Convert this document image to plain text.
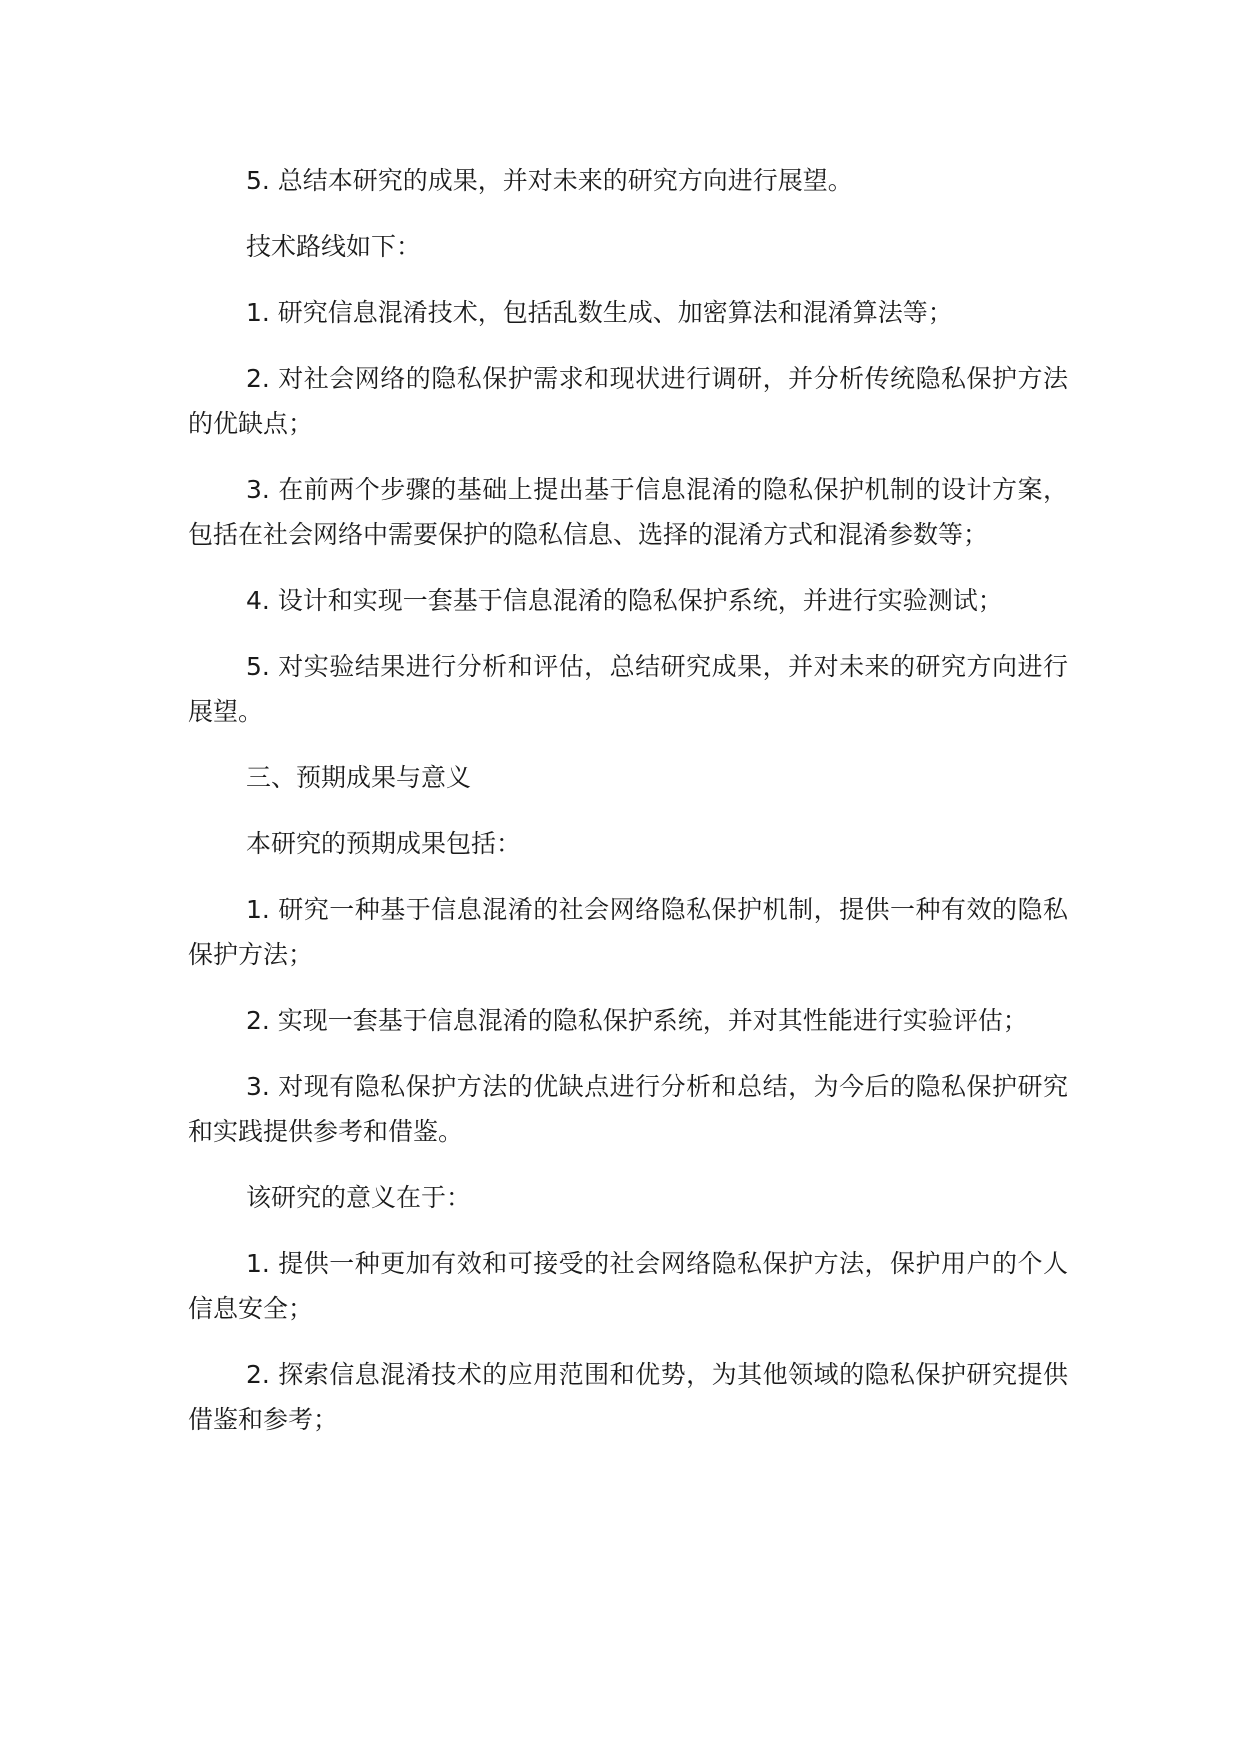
5. 总结本研究的成果，并对未来的研究方向进行展望。

技术路线如下：

1. 研究信息混淆技术，包括乱数生成、加密算法和混淆算法等；

2. 对社会网络的隐私保护需求和现状进行调研，并分析传统隐私保护方法的优缺点；

3. 在前两个步骤的基础上提出基于信息混淆的隐私保护机制的设计方案，包括在社会网络中需要保护的隐私信息、选择的混淆方式和混淆参数等；

4. 设计和实现一套基于信息混淆的隐私保护系统，并进行实验测试；

5. 对实验结果进行分析和评估，总结研究成果，并对未来的研究方向进行展望。

三、预期成果与意义

本研究的预期成果包括：

1. 研究一种基于信息混淆的社会网络隐私保护机制，提供一种有效的隐私保护方法；

2. 实现一套基于信息混淆的隐私保护系统，并对其性能进行实验评估；

3. 对现有隐私保护方法的优缺点进行分析和总结，为今后的隐私保护研究和实践提供参考和借鉴。

该研究的意义在于：

1. 提供一种更加有效和可接受的社会网络隐私保护方法，保护用户的个人信息安全；

2. 探索信息混淆技术的应用范围和优势，为其他领域的隐私保护研究提供借鉴和参考；
